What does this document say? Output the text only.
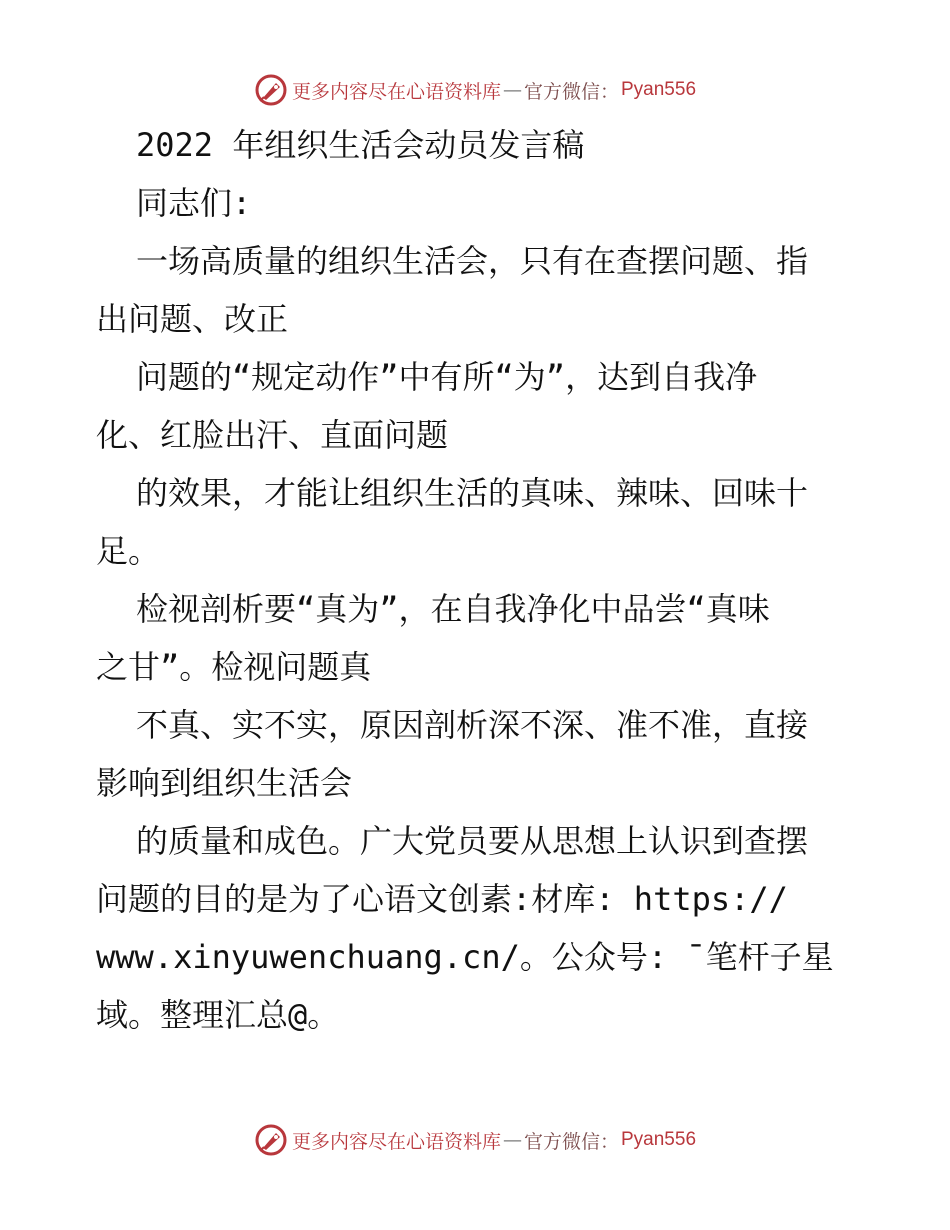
更多内容尽在心语资料库 — 官方微信： Pyan556
2022 年组织生活会动员发言稿
同志们:
一场高质量的组织生活会，只有在查摆问题、指
出问题、改正
问题的“规定动作”中有所“为”，达到自我净
化、红脸出汗、直面问题
的效果，才能让组织生活的真味、辣味、回味十
足。
检视剖析要“真为”，在自我净化中品尝“真味
之甘”。检视问题真
不真、实不实，原因剖析深不深、准不准，直接
影响到组织生活会
的质量和成色。广大党员要从思想上认识到查摆
问题的目的是为了心语文创素:材库: https://
www.xinyuwenchuang.cn/。公众号: ¯笔杆子星
域。整理汇总@。
更多内容尽在心语资料库 — 官方微信： Pyan556
